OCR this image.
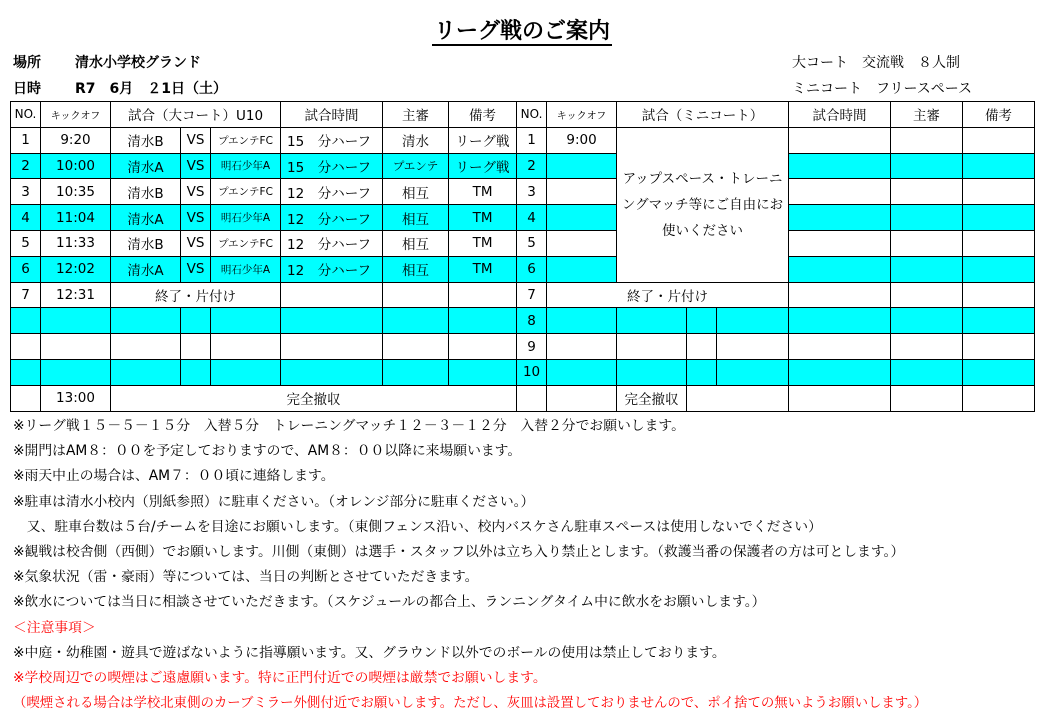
リーグ戦のご案内
場所 清水小学校グランド
日時 R7　6月　２1日（土）
大コート　交流戦　８人制
ミニコート　フリースペース
NO.	キックオフ	試合（大コート）U10			試合時間	主審	備考	NO.	キックオフ	試合（ミニコート）			試合時間	主審	備考
1	9:20	清水B	VS	プエンテFC	15　分ハーフ	清水	リーグ戦	1	9:00	アップスペース・トレーニングマッチ等にご自由にお使いください					
2	10:00	清水A	VS	明石少年A	15　分ハーフ	プエンテ	リーグ戦	2							
3	10:35	清水B	VS	プエンテFC	12　分ハーフ	相互	TM	3							
4	11:04	清水A	VS	明石少年A	12　分ハーフ	相互	TM	4							
5	11:33	清水B	VS	プエンテFC	12　分ハーフ	相互	TM	5							
6	12:02	清水A	VS	明石少年A	12　分ハーフ	相互	TM	6							
7	12:31	終了・片付け						7	終了・片付け						
								8							
								9							
								10							
	13:00	完全撤収								完全撤収					
※リーグ戦１５－５－１５分　入替５分　トレーニングマッチ１２－３－１２分　入替２分でお願いします。
※開門はAM８：００を予定しておりますので、AM８：００以降に来場願います。
※雨天中止の場合は、AM７：００頃に連絡します。
※駐車は清水小校内（別紙参照）に駐車ください。（オレンジ部分に駐車ください。）
　又、駐車台数は５台/チームを目途にお願いします。（東側フェンス沿い、校内バスケさん駐車スペースは使用しないでください）
※観戦は校舎側（西側）でお願いします。川側（東側）は選手・スタッフ以外は立ち入り禁止とします。（救護当番の保護者の方は可とします。）
※気象状況（雷・豪雨）等については、当日の判断とさせていただきます。
※飲水については当日に相談させていただきます。（スケジュールの都合上、ランニングタイム中に飲水をお願いします。）
＜注意事項＞
※中庭・幼稚園・遊具で遊ばないように指導願います。又、グラウンド以外でのボールの使用は禁止しております。
※学校周辺での喫煙はご遠慮願います。特に正門付近での喫煙は厳禁でお願いします。
（喫煙される場合は学校北東側のカーブミラー外側付近でお願いします。ただし、灰皿は設置しておりませんので、ポイ捨ての無いようお願いします。）
